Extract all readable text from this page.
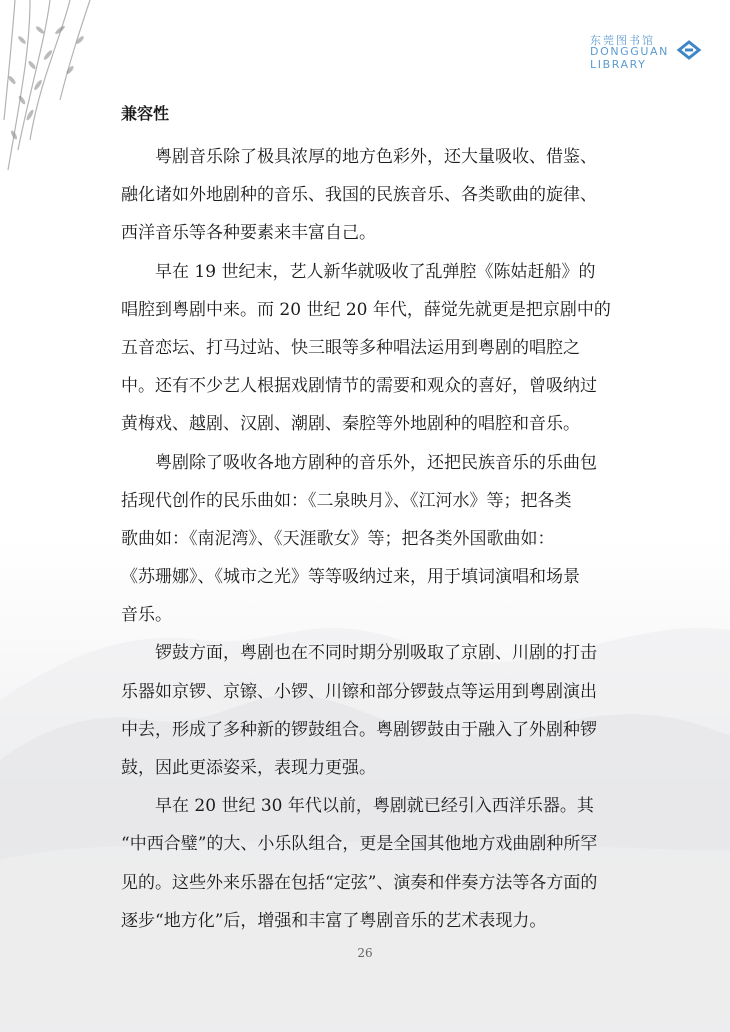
东莞图书馆
DONGGUAN
LIBRARY
兼容性
粤剧音乐除了极具浓厚的地方色彩外，还大量吸收、借鉴、
融化诸如外地剧种的音乐、我国的民族音乐、各类歌曲的旋律、
西洋音乐等各种要素来丰富自己。
早在 19 世纪末，艺人新华就吸收了乱弹腔《陈姑赶船》的
唱腔到粤剧中来。而 20 世纪 20 年代，薛觉先就更是把京剧中的
五音恋坛、打马过站、快三眼等多种唱法运用到粤剧的唱腔之
中。还有不少艺人根据戏剧情节的需要和观众的喜好，曾吸纳过
黄梅戏、越剧、汉剧、潮剧、秦腔等外地剧种的唱腔和音乐。
粤剧除了吸收各地方剧种的音乐外，还把民族音乐的乐曲包
括现代创作的民乐曲如：《二泉映月》、《江河水》等；把各类
歌曲如：《南泥湾》、《天涯歌女》等；把各类外国歌曲如：
《苏珊娜》、《城市之光》等等吸纳过来，用于填词演唱和场景
音乐。
锣鼓方面，粤剧也在不同时期分别吸取了京剧、川剧的打击
乐器如京锣、京镲、小锣、川镲和部分锣鼓点等运用到粤剧演出
中去，形成了多种新的锣鼓组合。粤剧锣鼓由于融入了外剧种锣
鼓，因此更添姿采，表现力更强。
早在 20 世纪 30 年代以前，粤剧就已经引入西洋乐器。其
“中西合璧”的大、小乐队组合，更是全国其他地方戏曲剧种所罕
见的。这些外来乐器在包括“定弦”、演奏和伴奏方法等各方面的
逐步“地方化”后，增强和丰富了粤剧音乐的艺术表现力。
26
